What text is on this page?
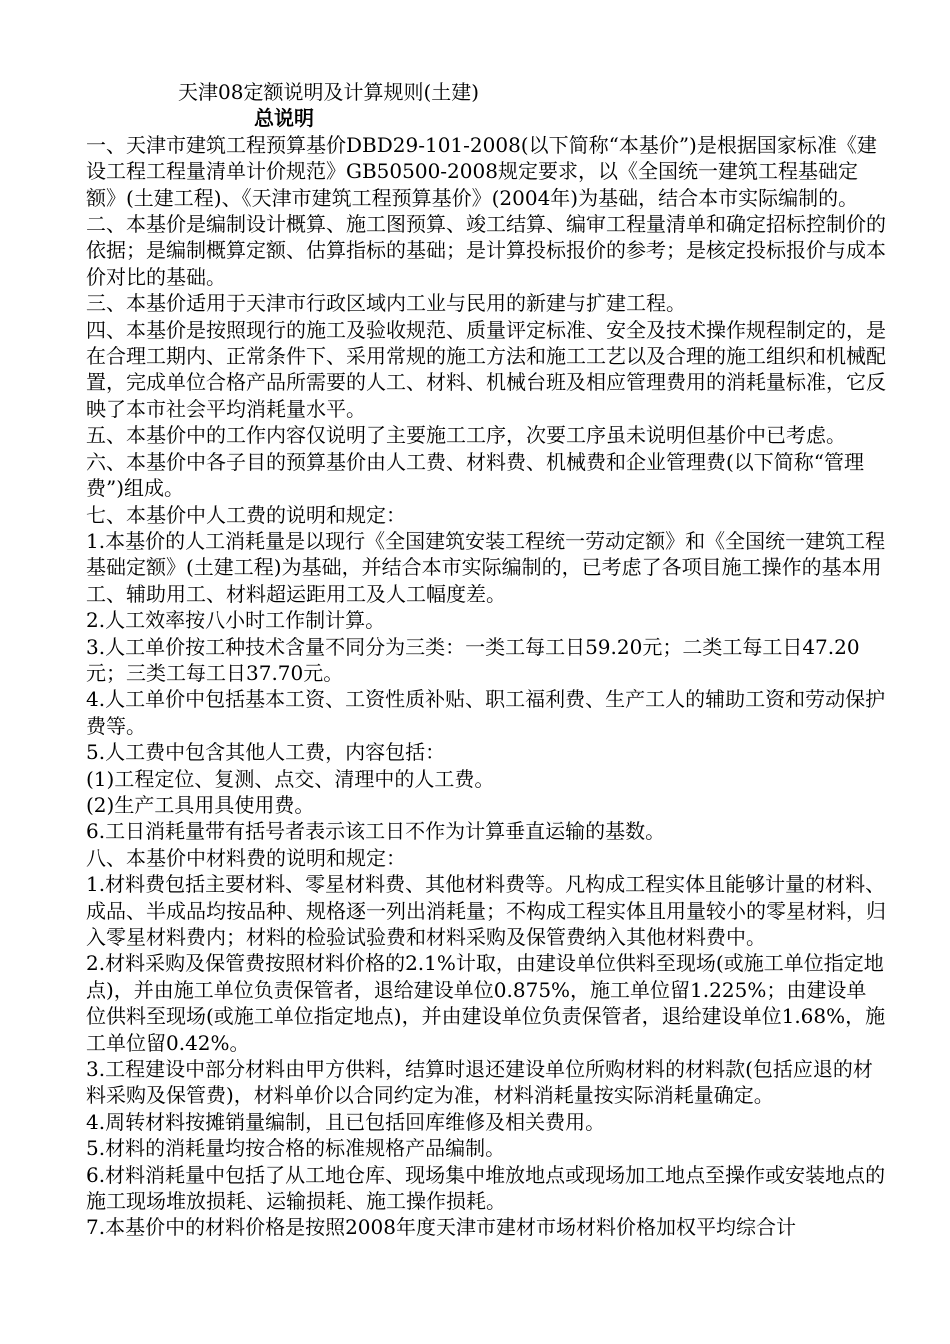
天津08定额说明及计算规则(土建)
总说明

一、天津市建筑工程预算基价DBD29-101-2008(以下简称“本基价”)是根据国家标准《建设工程工程量清单计价规范》GB50500-2008规定要求，以《全国统一建筑工程基础定额》(土建工程)、《天津市建筑工程预算基价》(2004年)为基础，结合本市实际编制的。

二、本基价是编制设计概算、施工图预算、竣工结算、编审工程量清单和确定招标控制价的依据；是编制概算定额、估算指标的基础；是计算投标报价的参考；是核定投标报价与成本价对比的基础。

三、本基价适用于天津市行政区域内工业与民用的新建与扩建工程。

四、本基价是按照现行的施工及验收规范、质量评定标准、安全及技术操作规程制定的，是在合理工期内、正常条件下、采用常规的施工方法和施工工艺以及合理的施工组织和机械配置，完成单位合格产品所需要的人工、材料、机械台班及相应管理费用的消耗量标准，它反映了本市社会平均消耗量水平。

五、本基价中的工作内容仅说明了主要施工工序，次要工序虽未说明但基价中已考虑。

六、本基价中各子目的预算基价由人工费、材料费、机械费和企业管理费(以下简称“管理费”)组成。

七、本基价中人工费的说明和规定：

1.本基价的人工消耗量是以现行《全国建筑安装工程统一劳动定额》和《全国统一建筑工程基础定额》(土建工程)为基础，并结合本市实际编制的，已考虑了各项目施工操作的基本用工、辅助用工、材料超运距用工及人工幅度差。

2.人工效率按八小时工作制计算。

3.人工单价按工种技术含量不同分为三类：一类工每工日59.20元；二类工每工日47.20元；三类工每工日37.70元。

4.人工单价中包括基本工资、工资性质补贴、职工福利费、生产工人的辅助工资和劳动保护费等。

5.人工费中包含其他人工费，内容包括：

(1)工程定位、复测、点交、清理中的人工费。

(2)生产工具用具使用费。

6.工日消耗量带有括号者表示该工日不作为计算垂直运输的基数。

八、本基价中材料费的说明和规定：

1.材料费包括主要材料、零星材料费、其他材料费等。凡构成工程实体且能够计量的材料、成品、半成品均按品种、规格逐一列出消耗量；不构成工程实体且用量较小的零星材料，归入零星材料费内；材料的检验试验费和材料采购及保管费纳入其他材料费中。

2.材料采购及保管费按照材料价格的2.1%计取，由建设单位供料至现场(或施工单位指定地点)，并由施工单位负责保管者，退给建设单位0.875%，施工单位留1.225%；由建设单位供料至现场(或施工单位指定地点)，并由建设单位负责保管者，退给建设单位1.68%，施工单位留0.42%。

3.工程建设中部分材料由甲方供料，结算时退还建设单位所购材料的材料款(包括应退的材料采购及保管费)，材料单价以合同约定为准，材料消耗量按实际消耗量确定。

4.周转材料按摊销量编制，且已包括回库维修及相关费用。

5.材料的消耗量均按合格的标准规格产品编制。

6.材料消耗量中包括了从工地仓库、现场集中堆放地点或现场加工地点至操作或安装地点的施工现场堆放损耗、运输损耗、施工操作损耗。

7.本基价中的材料价格是按照2008年度天津市建材市场材料价格加权平均综合计
